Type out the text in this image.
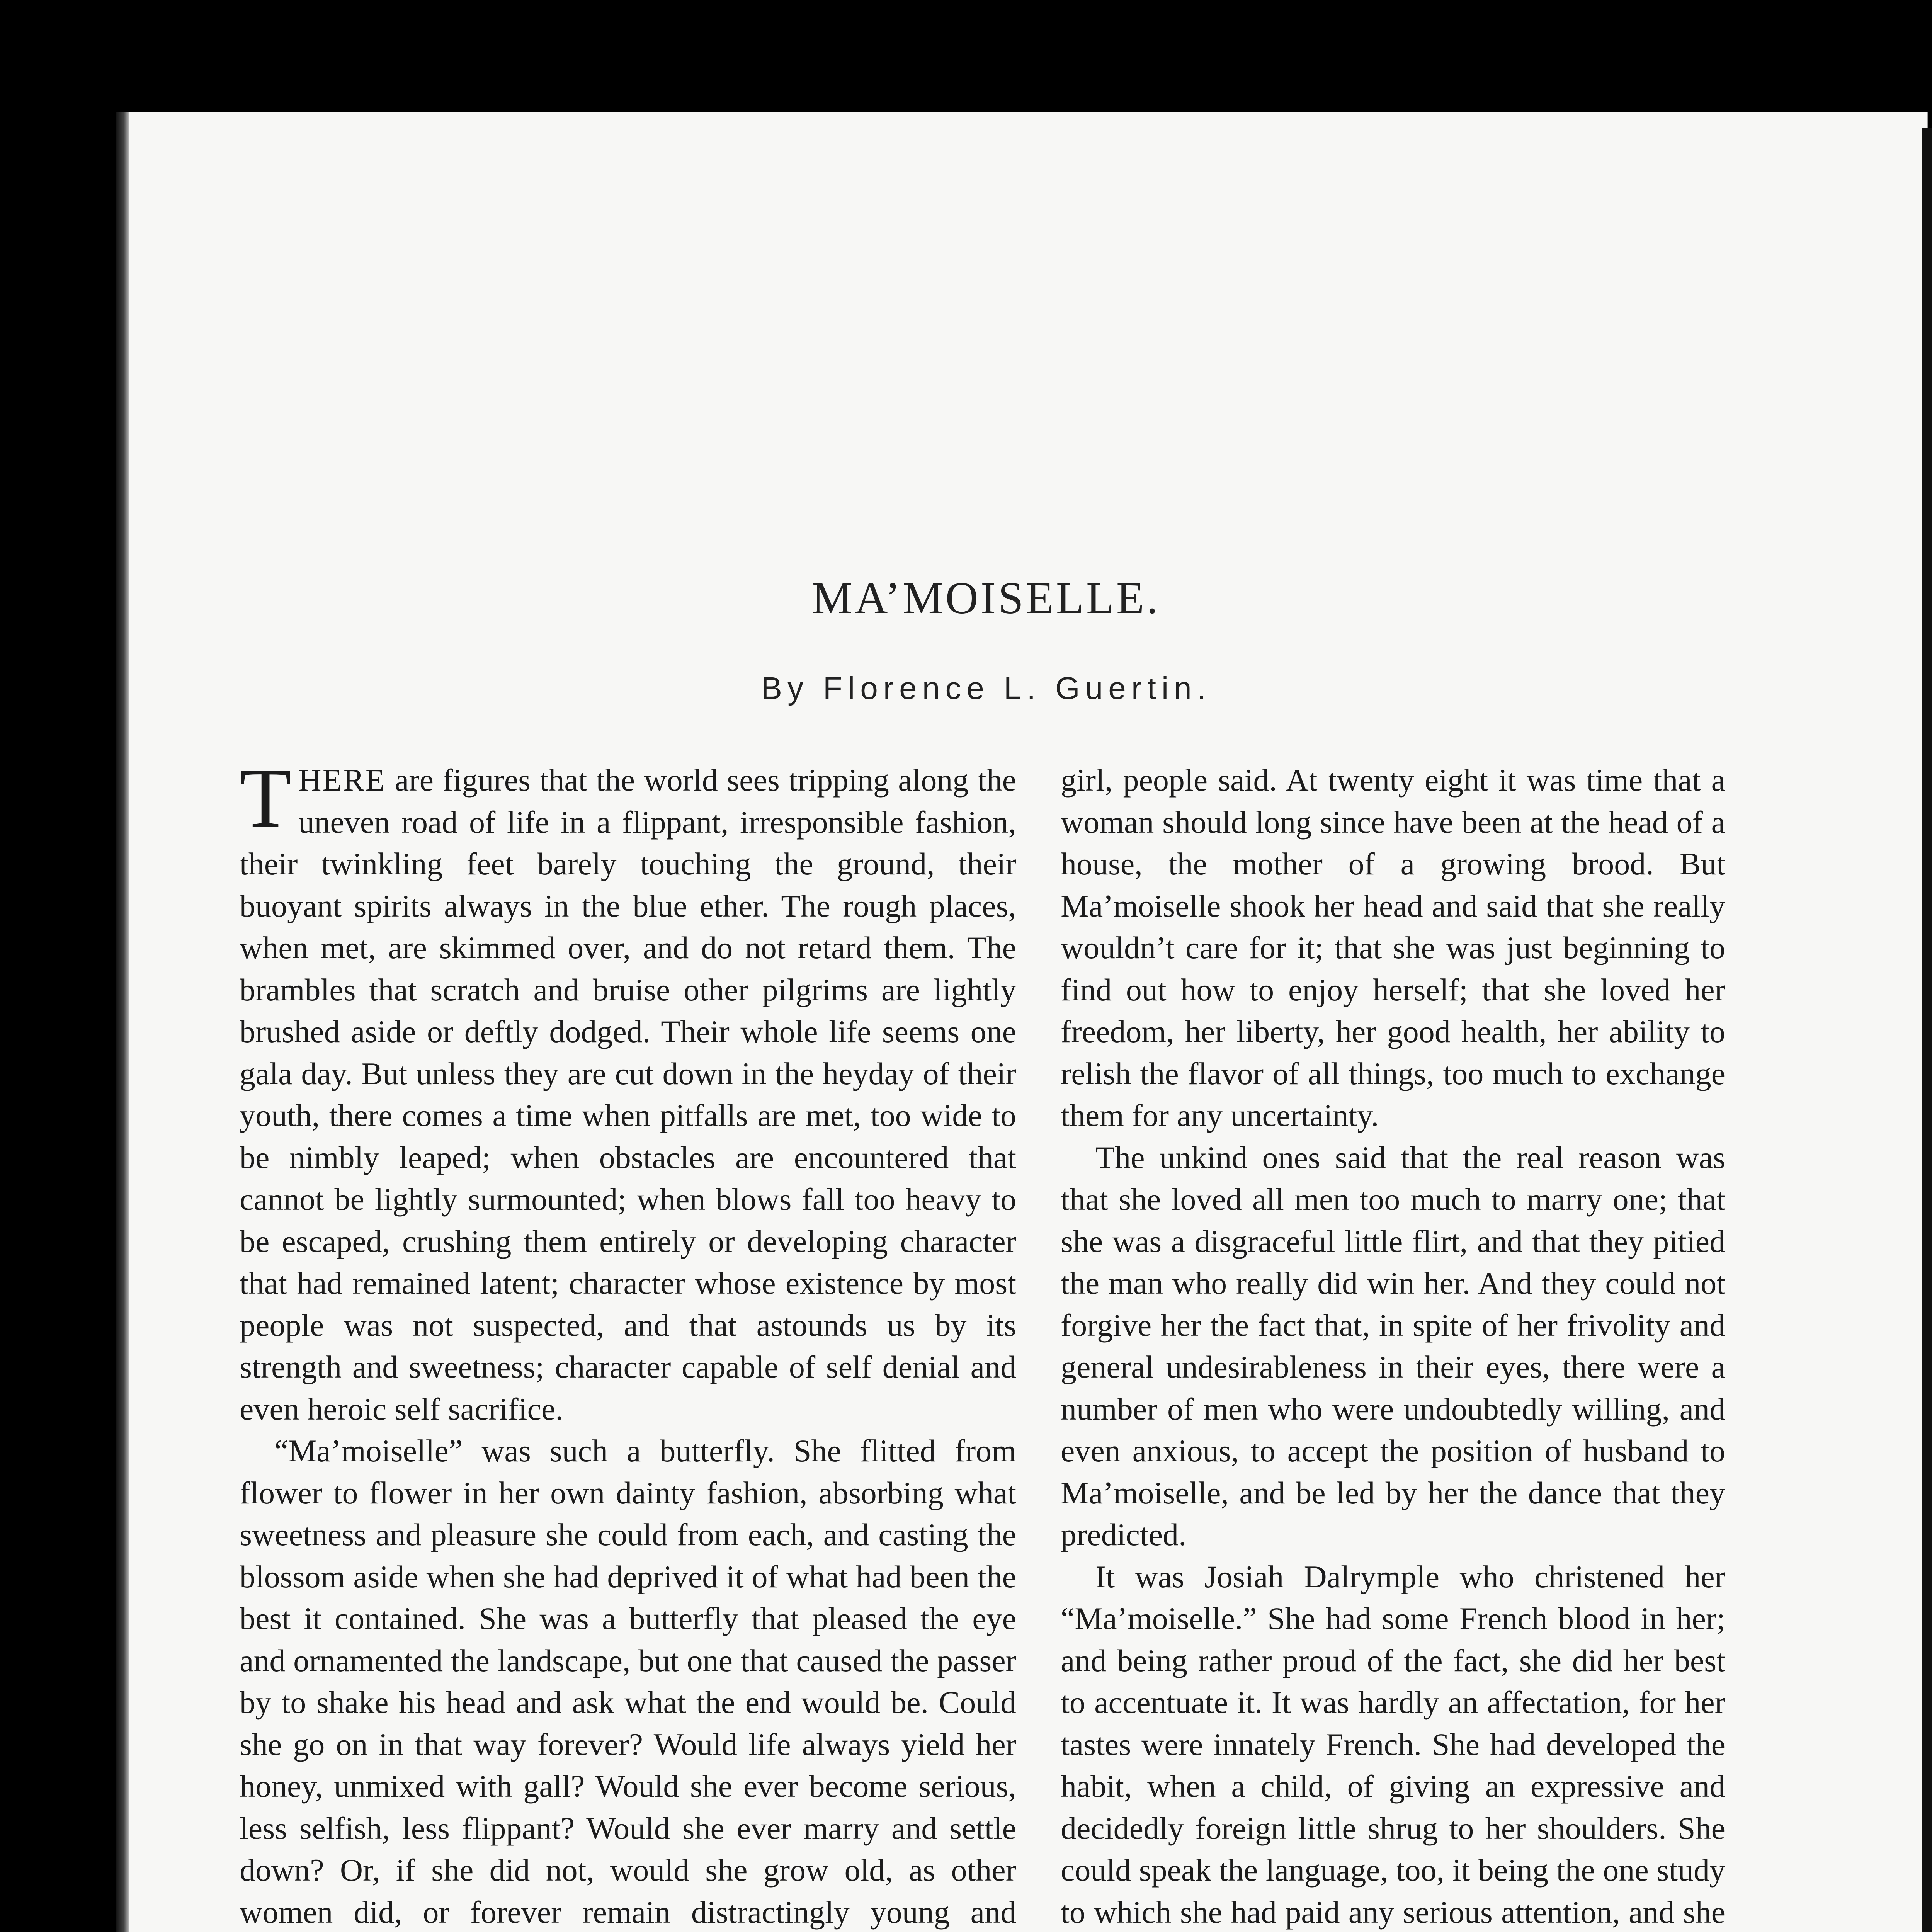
MA’MOISELLE.
By Florence L. Guertin.

THERE are figures that the world sees tripping along the uneven road of life in a flippant, irresponsible fashion, their twinkling feet barely touching the ground, their buoyant spirits always in the blue ether. The rough places, when met, are skimmed over, and do not retard them. The brambles that scratch and bruise other pilgrims are lightly brushed aside or deftly dodged. Their whole life seems one gala day. But unless they are cut down in the heyday of their youth, there comes a time when pitfalls are met, too wide to be nimbly leaped; when obstacles are encountered that cannot be lightly surmounted; when blows fall too heavy to be escaped, crushing them entirely or developing character that had remained latent; character whose existence by most people was not suspected, and that astounds us by its strength and sweetness; character capable of self denial and even heroic self sacrifice.

“Ma’moiselle” was such a butterfly. She flitted from flower to flower in her own dainty fashion, absorbing what sweetness and pleasure she could from each, and casting the blossom aside when she had deprived it of what had been the best it contained. She was a butterfly that pleased the eye and ornamented the landscape, but one that caused the passer by to shake his head and ask what the end would be. Could she go on in that way forever? Would life always yield her honey, unmixed with gall? Would she ever become serious, less selfish, less flippant? Would she ever marry and settle down? Or, if she did not, would she grow old, as other women did, or forever remain distractingly young and

girl, people said. At twenty eight it was time that a woman should long since have been at the head of a house, the mother of a growing brood. But Ma’moiselle shook her head and said that she really wouldn’t care for it; that she was just beginning to find out how to enjoy herself; that she loved her freedom, her liberty, her good health, her ability to relish the flavor of all things, too much to exchange them for any uncertainty.

The unkind ones said that the real reason was that she loved all men too much to marry one; that she was a disgraceful little flirt, and that they pitied the man who really did win her. And they could not forgive her the fact that, in spite of her frivolity and general undesirableness in their eyes, there were a number of men who were undoubtedly willing, and even anxious, to accept the position of husband to Ma’moiselle, and be led by her the dance that they predicted.

It was Josiah Dalrymple who christened her “Ma’moiselle.” She had some French blood in her; and being rather proud of the fact, she did her best to accentuate it. It was hardly an affectation, for her tastes were innately French. She had developed the habit, when a child, of giving an expressive and decidedly foreign little shrug to her shoulders. She could speak the language, too, it being the one study to which she had paid any serious attention, and she
